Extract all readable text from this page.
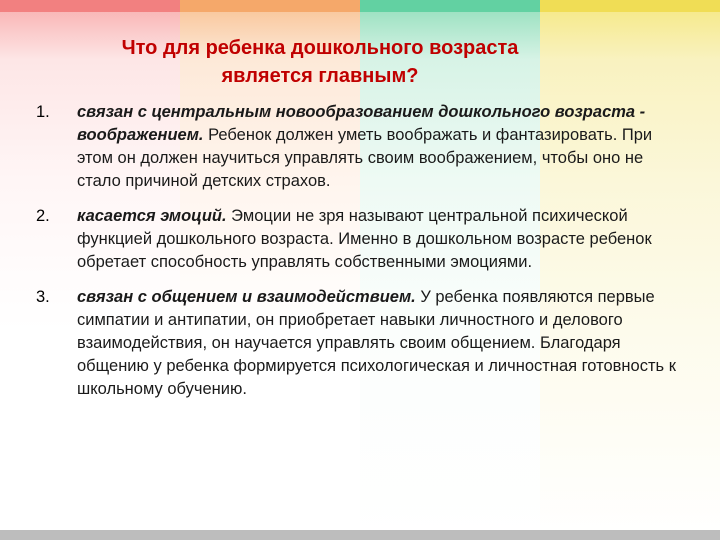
Что для ребенка дошкольного возраста
является главным?
1. связан с центральным новообразованием дошкольного возраста - воображением. Ребенок должен уметь воображать и фантазировать. При этом он должен научиться управлять своим воображением, чтобы оно не стало причиной детских страхов.
2. касается эмоций. Эмоции не зря называют центральной психической функцией дошкольного возраста. Именно в дошкольном возрасте ребенок обретает способность управлять собственными эмоциями.
3. связан с общением и взаимодействием. У ребенка появляются первые симпатии и антипатии, он приобретает навыки личностного и делового взаимодействия, он научается управлять своим общением. Благодаря общению у ребенка формируется психологическая и личностная готовность к школьному обучению.
